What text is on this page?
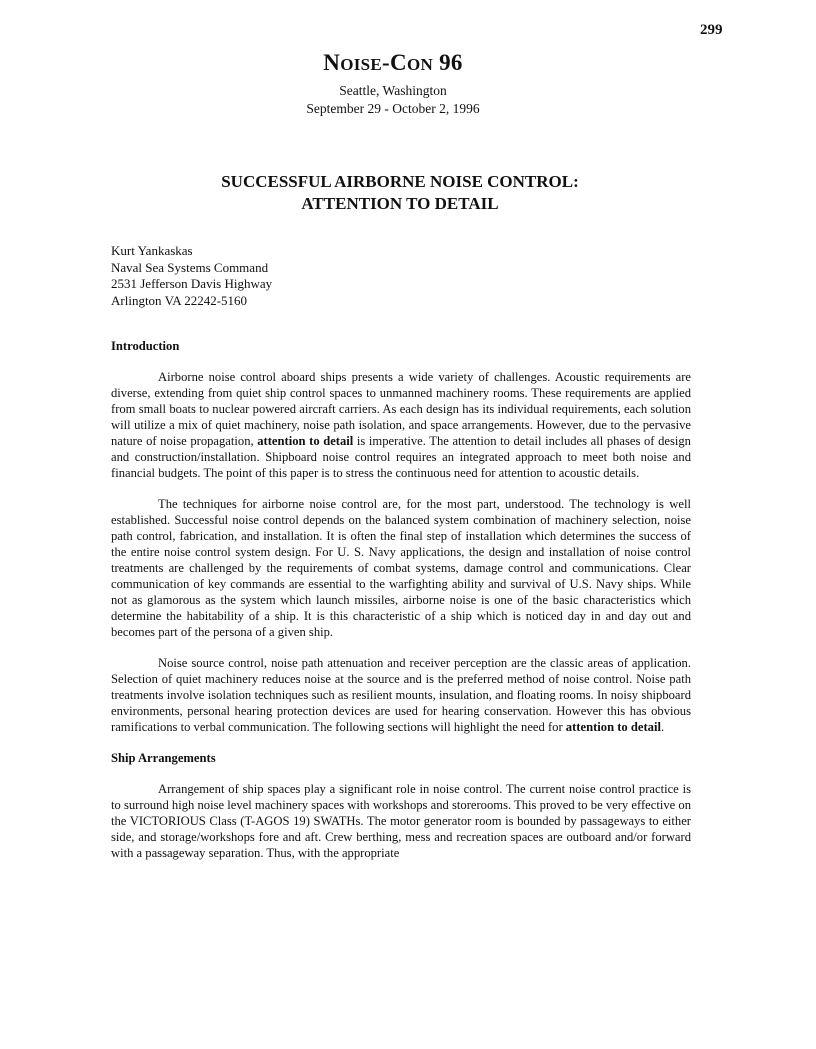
299
NOISE-CON 96

Seattle, Washington

September 29 - October 2, 1996

SUCCESSFUL AIRBORNE NOISE CONTROL:
ATTENTION TO DETAIL
Kurt Yankaskas
Naval Sea Systems Command
2531 Jefferson Davis Highway
Arlington VA 22242-5160
Introduction

Airborne noise control aboard ships presents a wide variety of challenges. Acoustic requirements are diverse, extending from quiet ship control spaces to unmanned machinery rooms. These requirements are applied from small boats to nuclear powered aircraft carriers. As each design has its individual requirements, each solution will utilize a mix of quiet machinery, noise path isolation, and space arrangements. However, due to the pervasive nature of noise propagation, attention to detail is imperative. The attention to detail includes all phases of design and construction/installation. Shipboard noise control requires an integrated approach to meet both noise and financial budgets. The point of this paper is to stress the continuous need for attention to acoustic details.

The techniques for airborne noise control are, for the most part, understood. The technology is well established. Successful noise control depends on the balanced system combination of machinery selection, noise path control, fabrication, and installation. It is often the final step of installation which determines the success of the entire noise control system design. For U. S. Navy applications, the design and installation of noise control treatments are challenged by the requirements of combat systems, damage control and communications. Clear communication of key commands are essential to the warfighting ability and survival of U.S. Navy ships. While not as glamorous as the system which launch missiles, airborne noise is one of the basic characteristics which determine the habitability of a ship. It is this characteristic of a ship which is noticed day in and day out and becomes part of the persona of a given ship.

Noise source control, noise path attenuation and receiver perception are the classic areas of application. Selection of quiet machinery reduces noise at the source and is the preferred method of noise control. Noise path treatments involve isolation techniques such as resilient mounts, insulation, and floating rooms. In noisy shipboard environments, personal hearing protection devices are used for hearing conservation. However this has obvious ramifications to verbal communication. The following sections will highlight the need for attention to detail.

Ship Arrangements

Arrangement of ship spaces play a significant role in noise control. The current noise control practice is to surround high noise level machinery spaces with workshops and storerooms. This proved to be very effective on the VICTORIOUS Class (T-AGOS 19) SWATHs. The motor generator room is bounded by passageways to either side, and storage/workshops fore and aft. Crew berthing, mess and recreation spaces are outboard and/or forward with a passageway separation. Thus, with the appropriate
